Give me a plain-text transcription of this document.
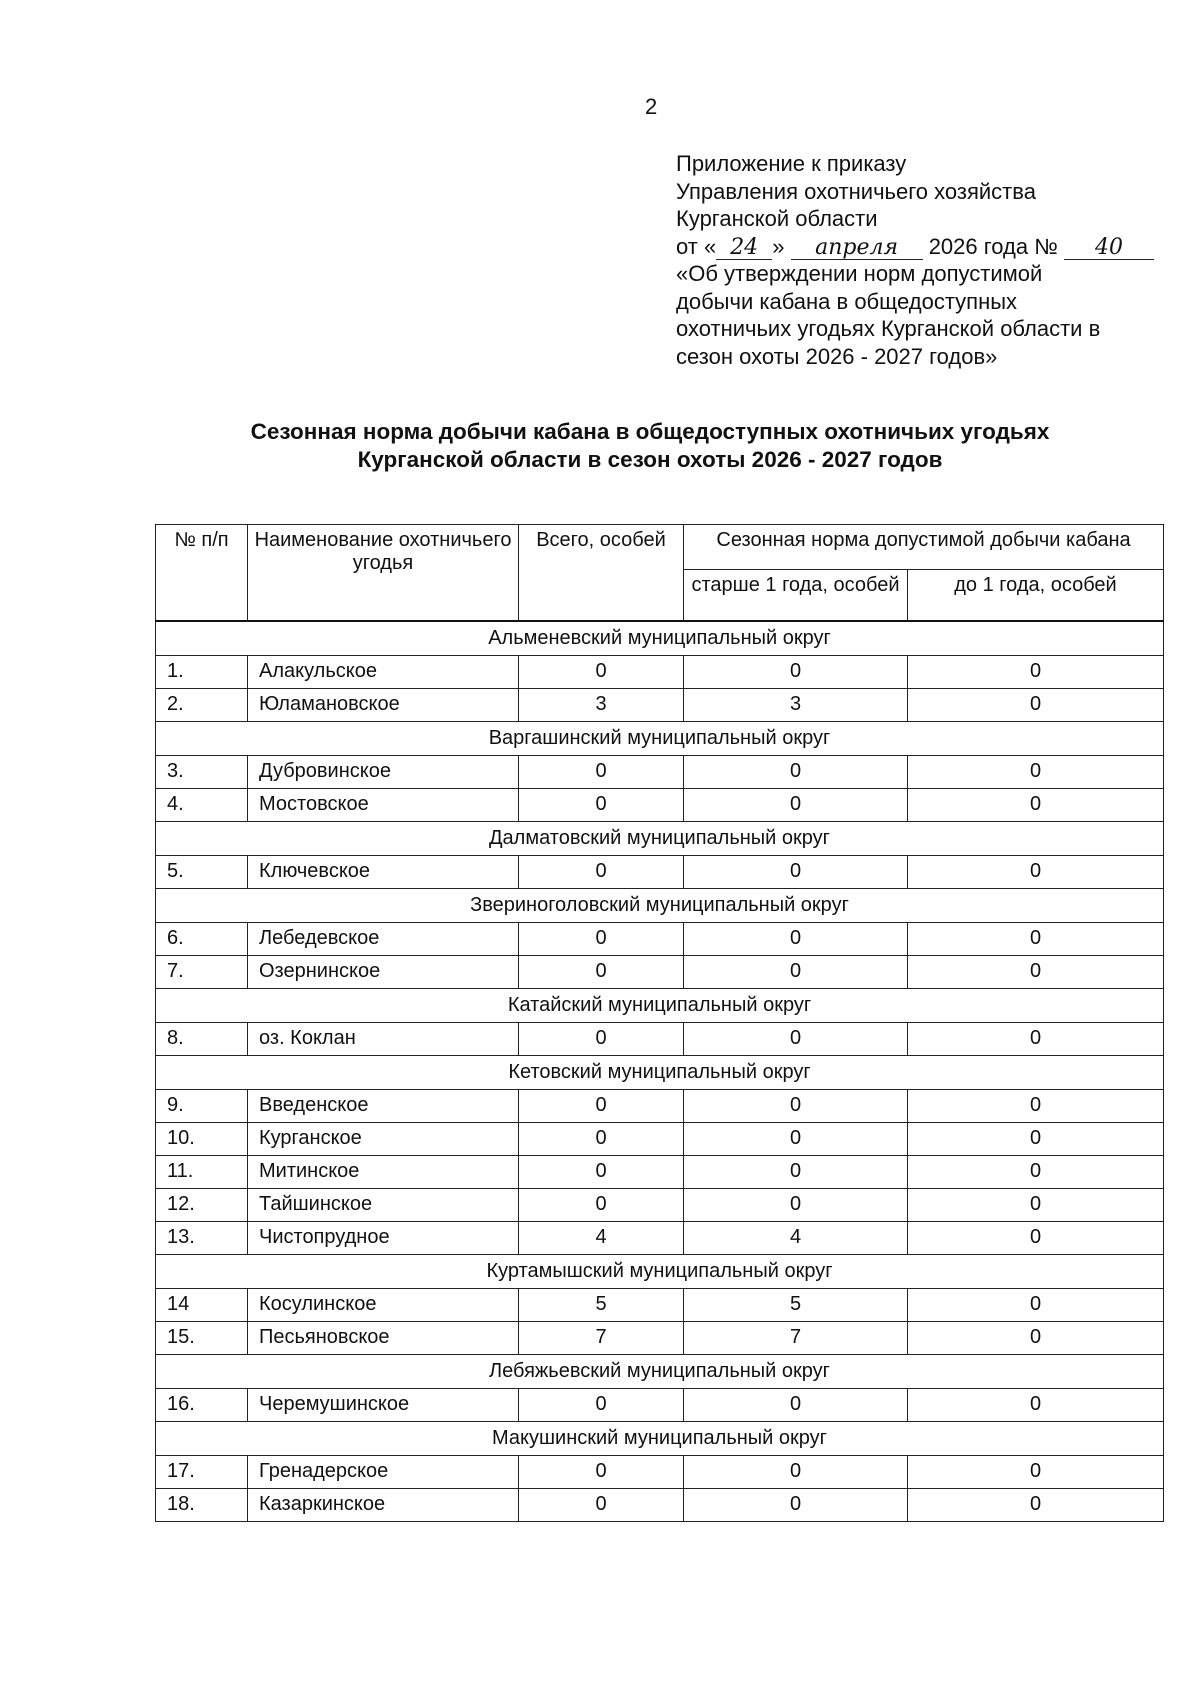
2
Приложение к приказу
Управления охотничьего хозяйства
Курганской области
от « 24 » апреля 2026 года № 40
«Об утверждении норм допустимой
добычи кабана в общедоступных
охотничьих угодьях Курганской области в
сезон охоты 2026 - 2027 годов»
Сезонная норма добычи кабана в общедоступных охотничьих угодьях
Курганской области в сезон охоты 2026 - 2027 годов
№ п/п	Наименование охотничьего угодья	Всего, особей	Сезонная норма допустимой добычи кабана	
			старше 1 года, особей	до 1 года, особей
Альменевский муниципальный округ				
1.	Алакульское	0	0	0
2.	Юламановское	3	3	0
Варгашинский муниципальный округ				
3.	Дубровинское	0	0	0
4.	Мостовское	0	0	0
Далматовский муниципальный округ				
5.	Ключевское	0	0	0
Звериноголовский муниципальный округ				
6.	Лебедевское	0	0	0
7.	Озернинское	0	0	0
Катайский муниципальный округ				
8.	оз. Коклан	0	0	0
Кетовский муниципальный округ				
9.	Введенское	0	0	0
10.	Курганское	0	0	0
11.	Митинское	0	0	0
12.	Тайшинское	0	0	0
13.	Чистопрудное	4	4	0
Куртамышский муниципальный округ				
14	Косулинское	5	5	0
15.	Песьяновское	7	7	0
Лебяжьевский муниципальный округ				
16.	Черемушинское	0	0	0
Макушинский муниципальный округ				
17.	Гренадерское	0	0	0
18.	Казаркинское	0	0	0
